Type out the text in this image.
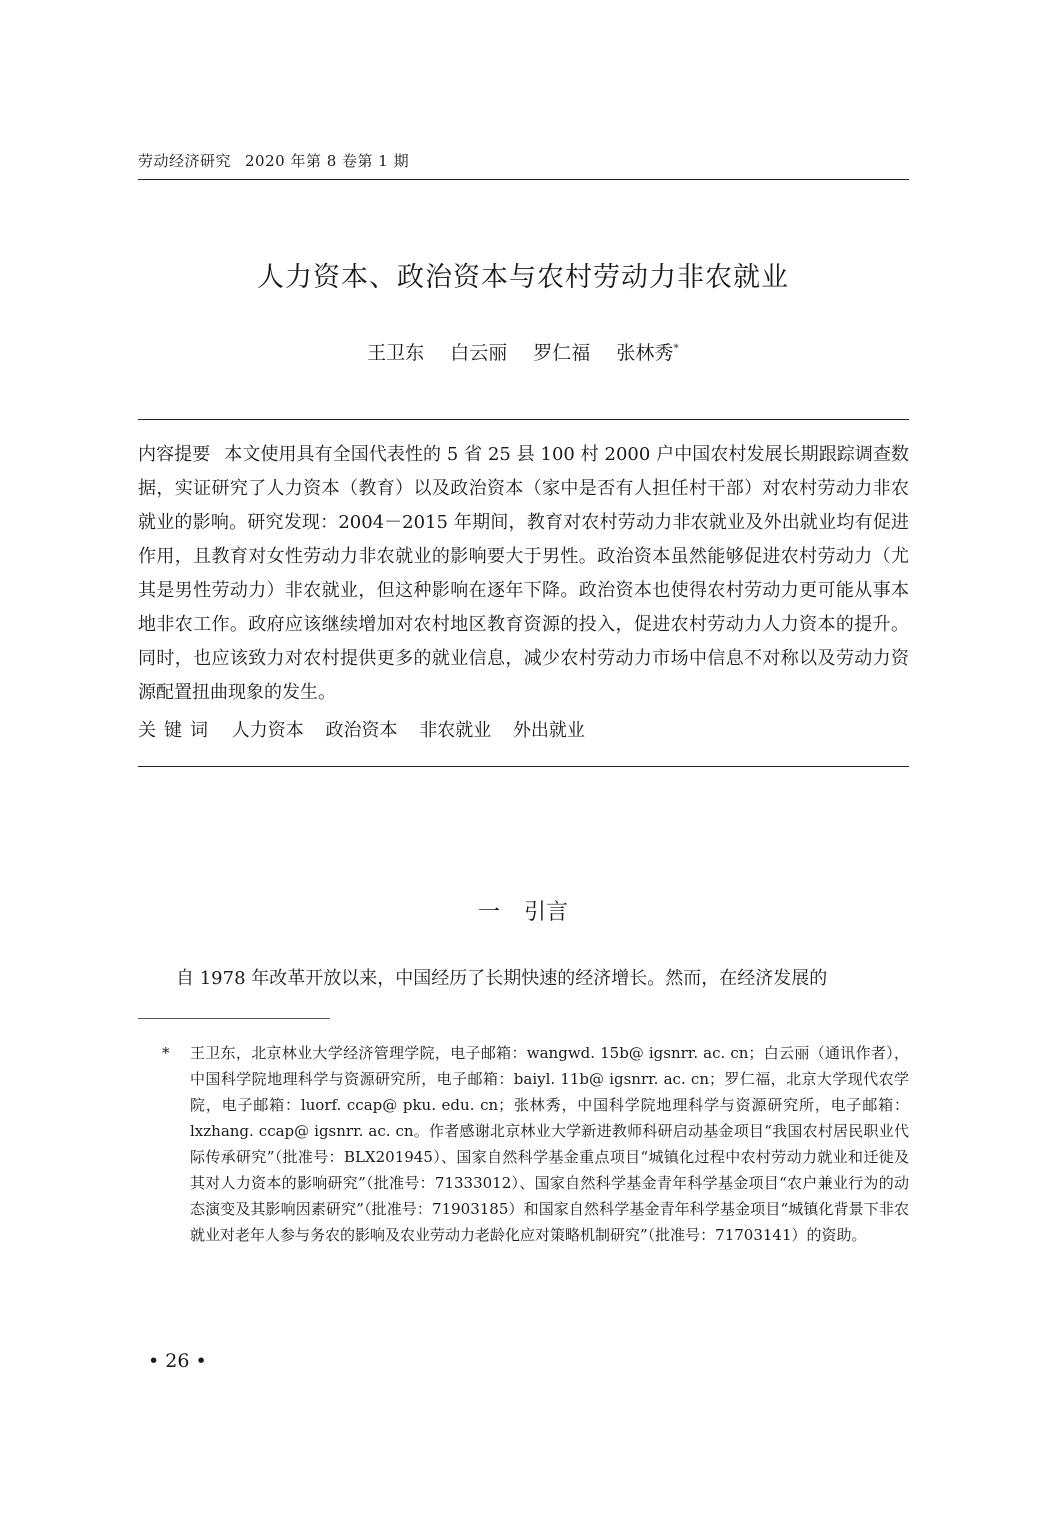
劳动经济研究 2020 年第 8 卷第 1 期
人力资本、政治资本与农村劳动力非农就业
王卫东 白云丽 罗仁福 张林秀*
内容提要 本文使用具有全国代表性的 5 省 25 县 100 村 2000 户中国农村发展长期跟踪调查数据，实证研究了人力资本（教育）以及政治资本（家中是否有人担任村干部）对农村劳动力非农就业的影响。研究发现：2004－2015 年期间，教育对农村劳动力非农就业及外出就业均有促进作用，且教育对女性劳动力非农就业的影响要大于男性。政治资本虽然能够促进农村劳动力（尤其是男性劳动力）非农就业，但这种影响在逐年下降。政治资本也使得农村劳动力更可能从事本地非农工作。政府应该继续增加对农村地区教育资源的投入，促进农村劳动力人力资本的提升。同时，也应该致力对农村提供更多的就业信息，减少农村劳动力市场中信息不对称以及劳动力资源配置扭曲现象的发生。
关键词 人力资本 政治资本 非农就业 外出就业
一 引言
自 1978 年改革开放以来，中国经历了长期快速的经济增长。然而，在经济发展的
* 王卫东，北京林业大学经济管理学院，电子邮箱：wangwd. 15b@ igsnrr. ac. cn；白云丽（通讯作者），中国科学院地理科学与资源研究所，电子邮箱：baiyl. 11b@ igsnrr. ac. cn；罗仁福，北京大学现代农学院，电子邮箱：luorf. ccap@ pku. edu. cn；张林秀，中国科学院地理科学与资源研究所，电子邮箱：lxzhang. ccap@ igsnrr. ac. cn。作者感谢北京林业大学新进教师科研启动基金项目“我国农村居民职业代际传承研究”（批准号：BLX201945）、国家自然科学基金重点项目“城镇化过程中农村劳动力就业和迁徙及其对人力资本的影响研究”（批准号：71333012）、国家自然科学基金青年科学基金项目“农户兼业行为的动态演变及其影响因素研究”（批准号：71903185）和国家自然科学基金青年科学基金项目“城镇化背景下非农就业对老年人参与务农的影响及农业劳动力老龄化应对策略机制研究”（批准号：71703141）的资助。
• 26 •
